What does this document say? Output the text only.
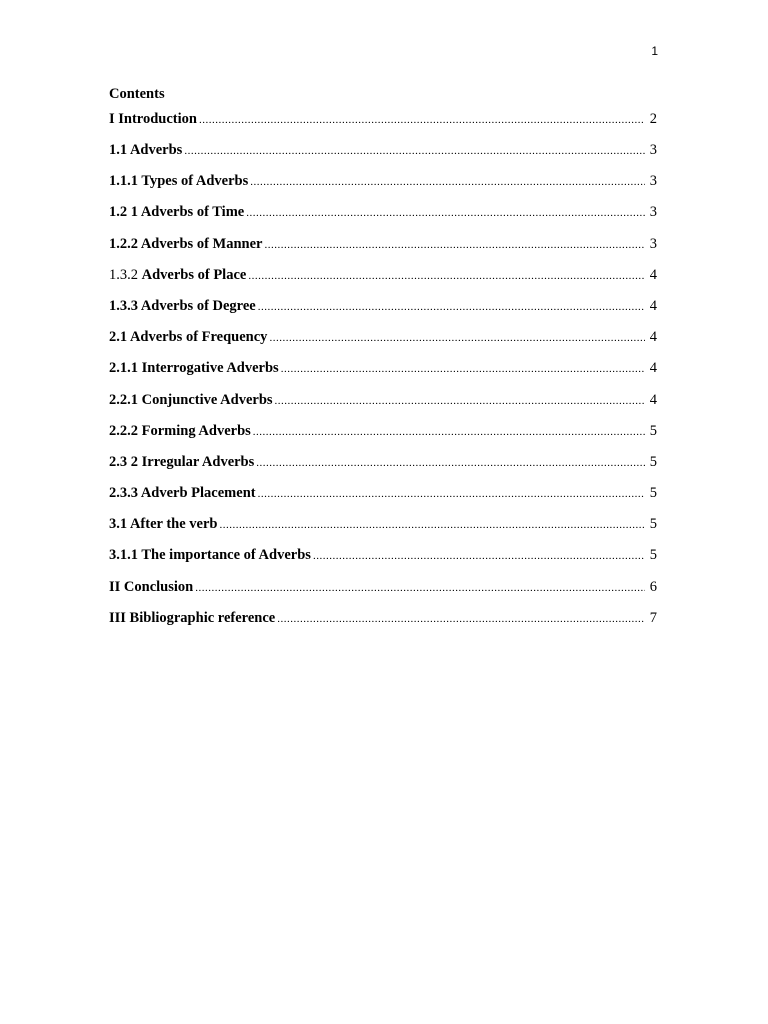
1
Contents
I Introduction .....	2
1.1 Adverbs .....	3
1.1.1 Types of Adverbs .....	3
1.2 1 Adverbs of Time .....	3
1.2.2 Adverbs of Manner .....	3
1.3.2 Adverbs of Place .....	4
1.3.3 Adverbs of Degree .....	4
2.1 Adverbs of Frequency .....	4
2.1.1 Interrogative Adverbs .....	4
2.2.1 Conjunctive Adverbs .....	4
2.2.2 Forming Adverbs .....	5
2.3 2 Irregular Adverbs .....	5
2.3.3 Adverb Placement .....	5
3.1 After the verb .....	5
3.1.1 The importance of Adverbs .....	5
II Conclusion .....	6
III Bibliographic reference .....	7
